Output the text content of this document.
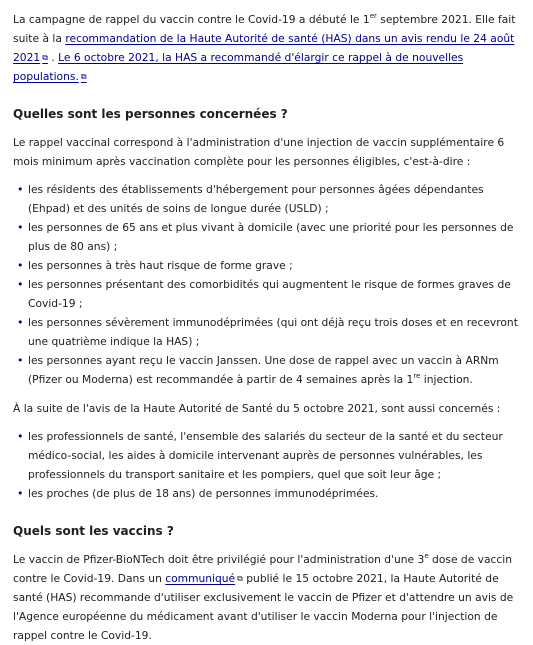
La campagne de rappel du vaccin contre le Covid-19 a débuté le 1er septembre 2021. Elle fait suite à la recommandation de la Haute Autorité de santé (HAS) dans un avis rendu le 24 août 2021 ⧉ . Le 6 octobre 2021, la HAS a recommandé d'élargir ce rappel à de nouvelles populations. ⧉

Quelles sont les personnes concernées ?

Le rappel vaccinal correspond à l'administration d'une injection de vaccin supplémentaire 6 mois minimum après vaccination complète pour les personnes éligibles, c'est-à-dire :

• les résidents des établissements d'hébergement pour personnes âgées dépendantes (Ehpad) et des unités de soins de longue durée (USLD) ;
• les personnes de 65 ans et plus vivant à domicile (avec une priorité pour les personnes de plus de 80 ans) ;
• les personnes à très haut risque de forme grave ;
• les personnes présentant des comorbidités qui augmentent le risque de formes graves de Covid-19 ;
• les personnes sévèrement immunodéprimées (qui ont déjà reçu trois doses et en recevront une quatrième indique la HAS) ;
• les personnes ayant reçu le vaccin Janssen. Une dose de rappel avec un vaccin à ARNm (Pfizer ou Moderna) est recommandée à partir de 4 semaines après la 1re injection.

À la suite de l'avis de la Haute Autorité de Santé du 5 octobre 2021, sont aussi concernés :

• les professionnels de santé, l'ensemble des salariés du secteur de la santé et du secteur médico-social, les aides à domicile intervenant auprès de personnes vulnérables, les professionnels du transport sanitaire et les pompiers, quel que soit leur âge ;
• les proches (de plus de 18 ans) de personnes immunodéprimées.
Quels sont les vaccins ?

Le vaccin de Pfizer-BioNTech doit être privilégié pour l'administration d'une 3e dose de vaccin contre le Covid-19. Dans un communiqué ⧉ publié le 15 octobre 2021, la Haute Autorité de santé (HAS) recommande d'utiliser exclusivement le vaccin de Pfizer et d'attendre un avis de l'Agence européenne du médicament avant d'utiliser le vaccin Moderna pour l'injection de rappel contre le Covid-19.
